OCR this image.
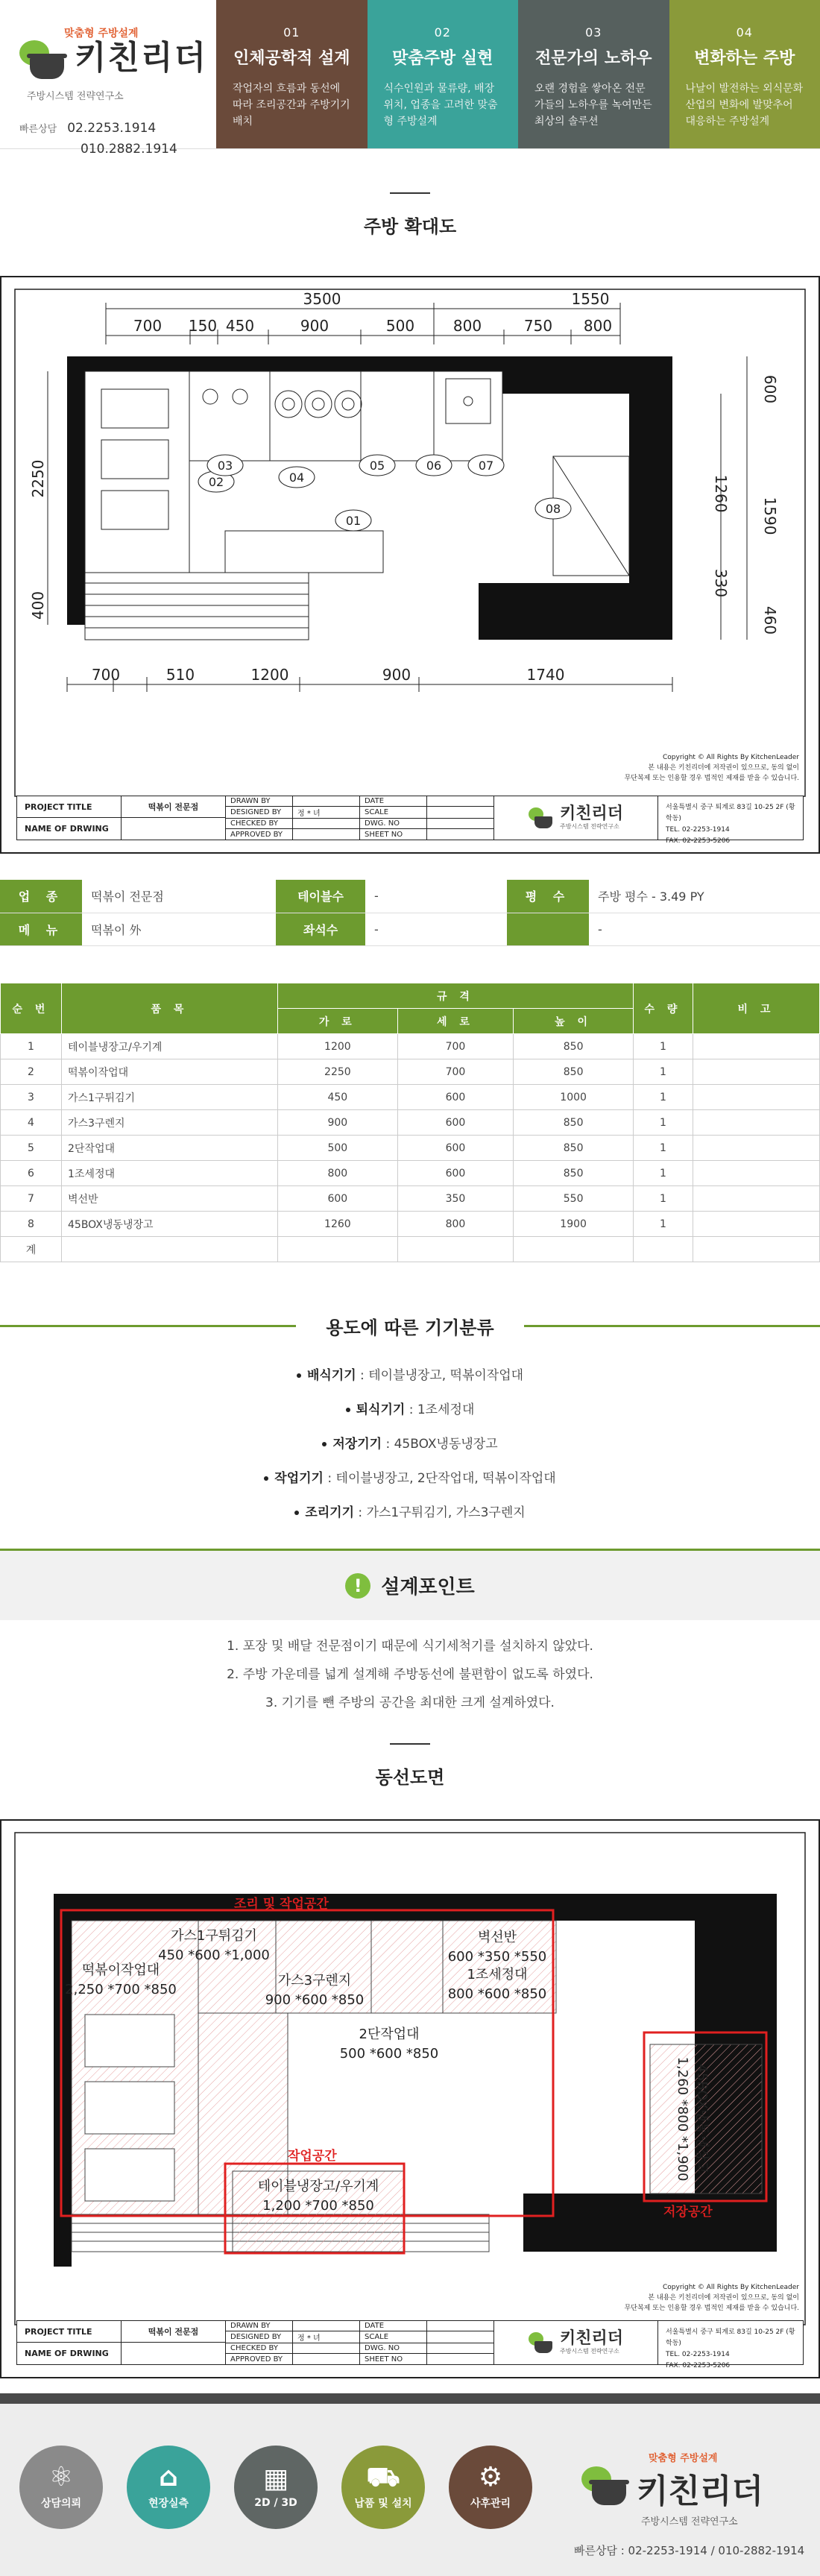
맞춤형 주방설계
키친리더
주방시스템 전략연구소
빠른상담 02.2253.1914
010.2882.1914
01
인체공학적 설계
작업자의 흐름과 동선에 따라 조리공간과 주방기기 배치
02
맞춤주방 실현
식수인원과 물류량, 배장위치, 업종을 고려한 맞춤형 주방설계
03
전문가의 노하우
오랜 경험을 쌓아온 전문가들의 노하우를 녹여만든 최상의 솔루션
04
변화하는 주방
나날이 발전하는 외식문화 산업의 변화에 발맞추어 대응하는 주방설계
주방 확대도
3500	1550
700 150 450	900	500	800	750 800
01
02
03
04
05	06	07
08
2250
400
600
1260
1590
330
460
700	510	1200	900	1740
Copyright © All Rights By KitchenLeader
본 내용은 키친리더에 저작권이 있으므로, 동의 없이
무단복제 또는 인용할 경우 법적인 제재를 받을 수 있습니다.
PROJECT TITLE
NAME OF DRWING
떡볶이 전문점
DRAWN BY	DATE
DESIGNED BY	정 * 녀	SCALE
CHECKED BY	DWG. NO
APPROVED BY	SHEET NO
키친리더
주방시스템 전략연구소
서울특별시 중구 퇴계로 83길 10-25 2F (황학동)
TEL. 02-2253-1914
FAX. 02-2253-5206
업 종	떡볶이 전문점	테이블수	-	평 수	주방 평수 - 3.49 PY
메 뉴	떡볶이 外	좌석수	-		-
순 번	품 목	규 격			수 량	비 고
		가 로	세 로	높 이		
1	테이블냉장고/우기계	1200	700	850	1	
2	떡볶이작업대	2250	700	850	1	
3	가스1구튀김기	450	600	1000	1	
4	가스3구렌지	900	600	850	1	
5	2단작업대	500	600	850	1	
6	1조세정대	800	600	850	1	
7	벽선반	600	350	550	1	
8	45BOX냉동냉장고	1260	800	1900	1	
계						
용도에 따른 기기분류
배식기기 : 테이블냉장고, 떡볶이작업대
퇴식기기 : 1조세정대
저장기기 : 45BOX냉동냉장고
작업기기 : 테이블냉장고, 2단작업대, 떡볶이작업대
조리기기 : 가스1구튀김기, 가스3구렌지
! 설계포인트
1. 포장 및 배달 전문점이기 때문에 식기세척기를 설치하지 않았다.
2. 주방 가운데를 넓게 설계해 주방동선에 불편함이 없도록 하였다.
3. 기기를 뺀 주방의 공간을 최대한 크게 설계하였다.
동선도면
조리 및 작업공간
작업공간
저장공간
가스1구튀김기
450 *600 *1,000
가스3구렌지
900 *600 *850
벽선반
600 *350 *550
1조세정대
800 *600 *850
떡볶이작업대
2,250 *700 *850
2단작업대
500 *600 *850
테이블냉장고/우기계
1,200 *700 *850
45BOX냉동냉장고
1,260 *800 *1,900
Copyright © All Rights By KitchenLeader
본 내용은 키친리더에 저작권이 있으므로, 동의 없이
무단복제 또는 인용할 경우 법적인 제재를 받을 수 있습니다.
PROJECT TITLE
NAME OF DRWING
떡볶이 전문점
DRAWN BY	DATE
DESIGNED BY	정 * 녀	SCALE
CHECKED BY	DWG. NO
APPROVED BY	SHEET NO
키친리더
주방시스템 전략연구소
서울특별시 중구 퇴계로 83길 10-25 2F (황학동)
TEL. 02-2253-1914
FAX. 02-2253-5206
⚛
상담의뢰
⌂
현장실측
▦
2D / 3D
⛟
납품 및 설치
⚙
사후관리
맞춤형 주방설계
키친리더
주방시스템 전략연구소
빠른상담 : 02-2253-1914 / 010-2882-1914
